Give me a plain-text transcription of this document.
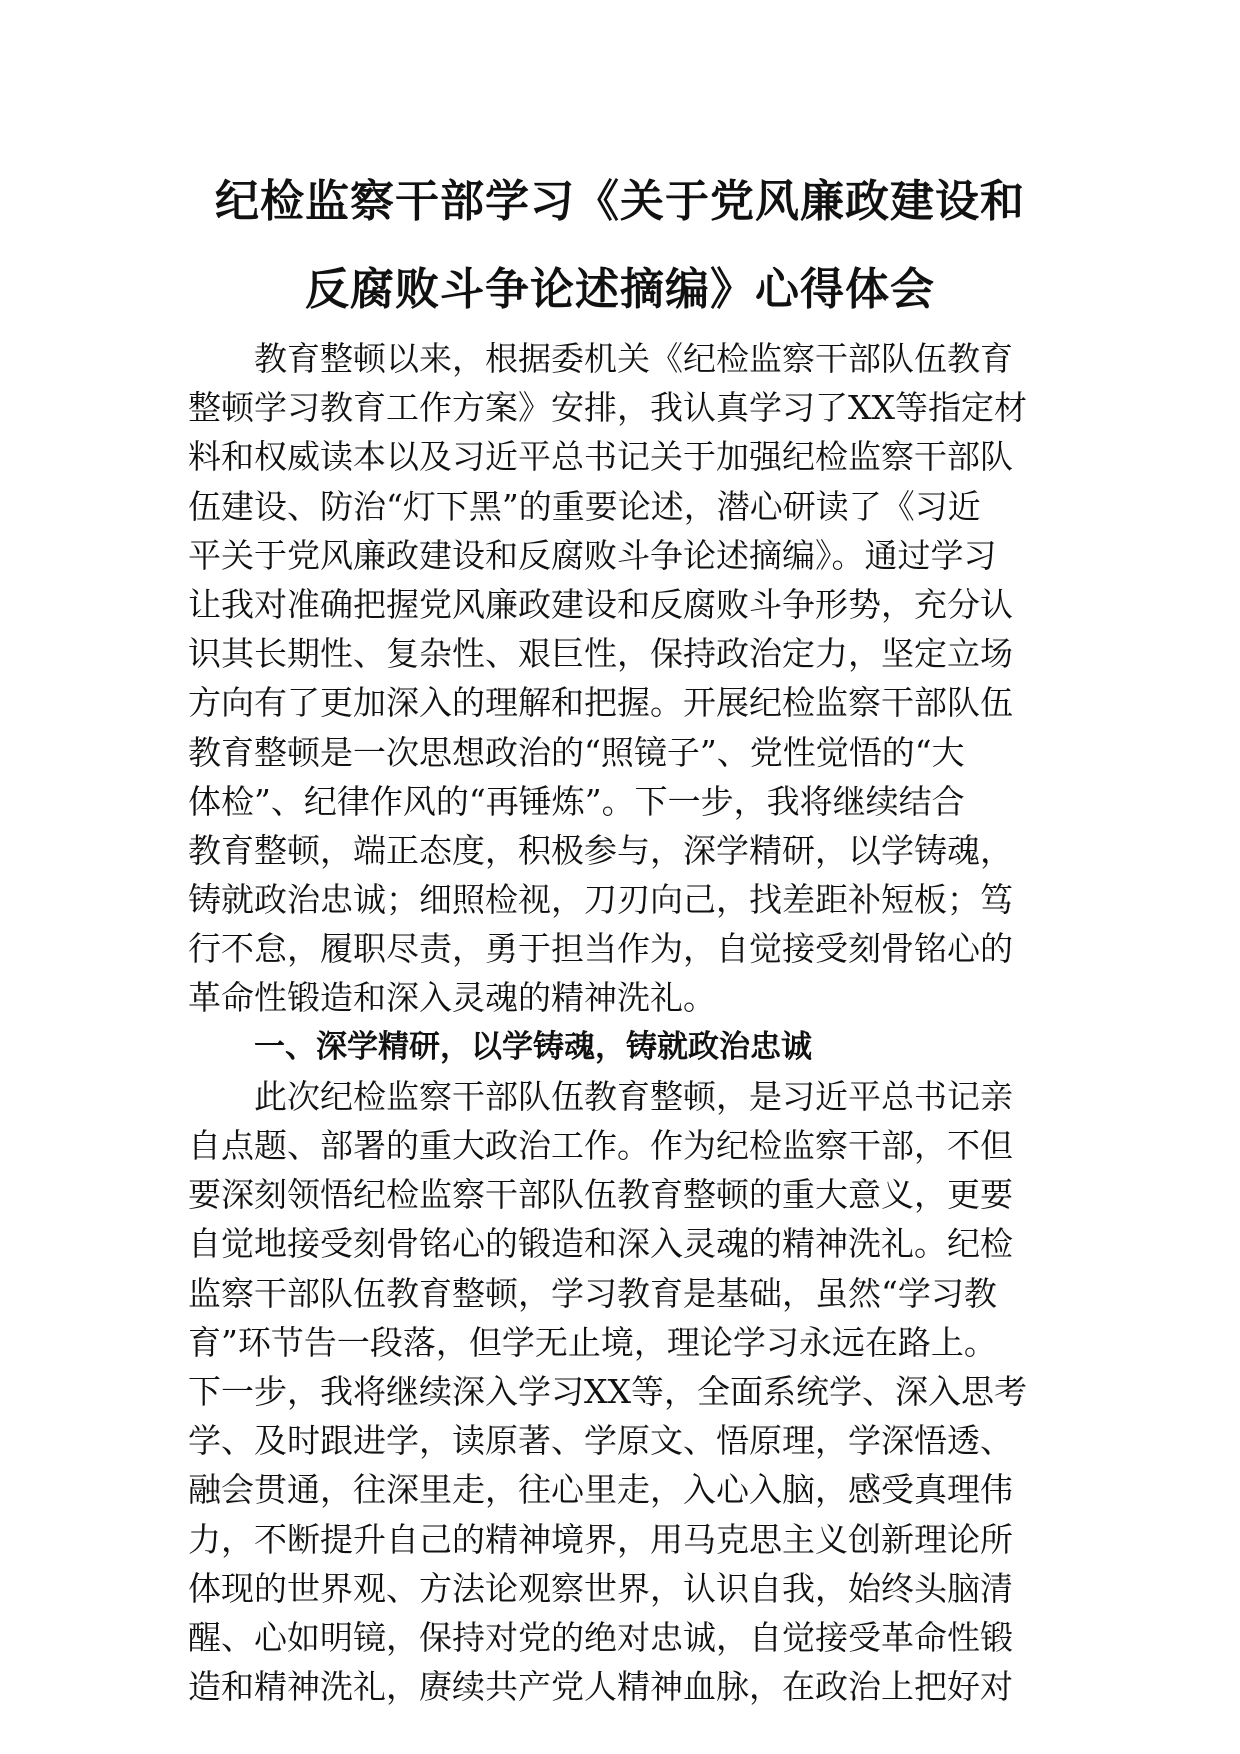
纪检监察干部学习《关于党风廉政建设和
反腐败斗争论述摘编》心得体会
教育整顿以来，根据委机关《纪检监察干部队伍教育
整顿学习教育工作方案》安排，我认真学习了XX等指定材
料和权威读本以及习近平总书记关于加强纪检监察干部队
伍建设、防治“灯下黑”的重要论述，潜心研读了《习近
平关于党风廉政建设和反腐败斗争论述摘编》。通过学习
让我对准确把握党风廉政建设和反腐败斗争形势，充分认
识其长期性、复杂性、艰巨性，保持政治定力，坚定立场
方向有了更加深入的理解和把握。开展纪检监察干部队伍
教育整顿是一次思想政治的“照镜子”、党性觉悟的“大
体检”、纪律作风的“再锤炼”。下一步，我将继续结合
教育整顿，端正态度，积极参与，深学精研，以学铸魂，
铸就政治忠诚；细照检视，刀刃向己，找差距补短板；笃
行不怠，履职尽责，勇于担当作为，自觉接受刻骨铭心的
革命性锻造和深入灵魂的精神洗礼。
一、深学精研，以学铸魂，铸就政治忠诚
此次纪检监察干部队伍教育整顿，是习近平总书记亲
自点题、部署的重大政治工作。作为纪检监察干部，不但
要深刻领悟纪检监察干部队伍教育整顿的重大意义，更要
自觉地接受刻骨铭心的锻造和深入灵魂的精神洗礼。纪检
监察干部队伍教育整顿，学习教育是基础，虽然“学习教
育”环节告一段落，但学无止境，理论学习永远在路上。
下一步，我将继续深入学习XX等，全面系统学、深入思考
学、及时跟进学，读原著、学原文、悟原理，学深悟透、
融会贯通，往深里走，往心里走，入心入脑，感受真理伟
力，不断提升自己的精神境界，用马克思主义创新理论所
体现的世界观、方法论观察世界，认识自我，始终头脑清
醒、心如明镜，保持对党的绝对忠诚，自觉接受革命性锻
造和精神洗礼，赓续共产党人精神血脉，在政治上把好对
